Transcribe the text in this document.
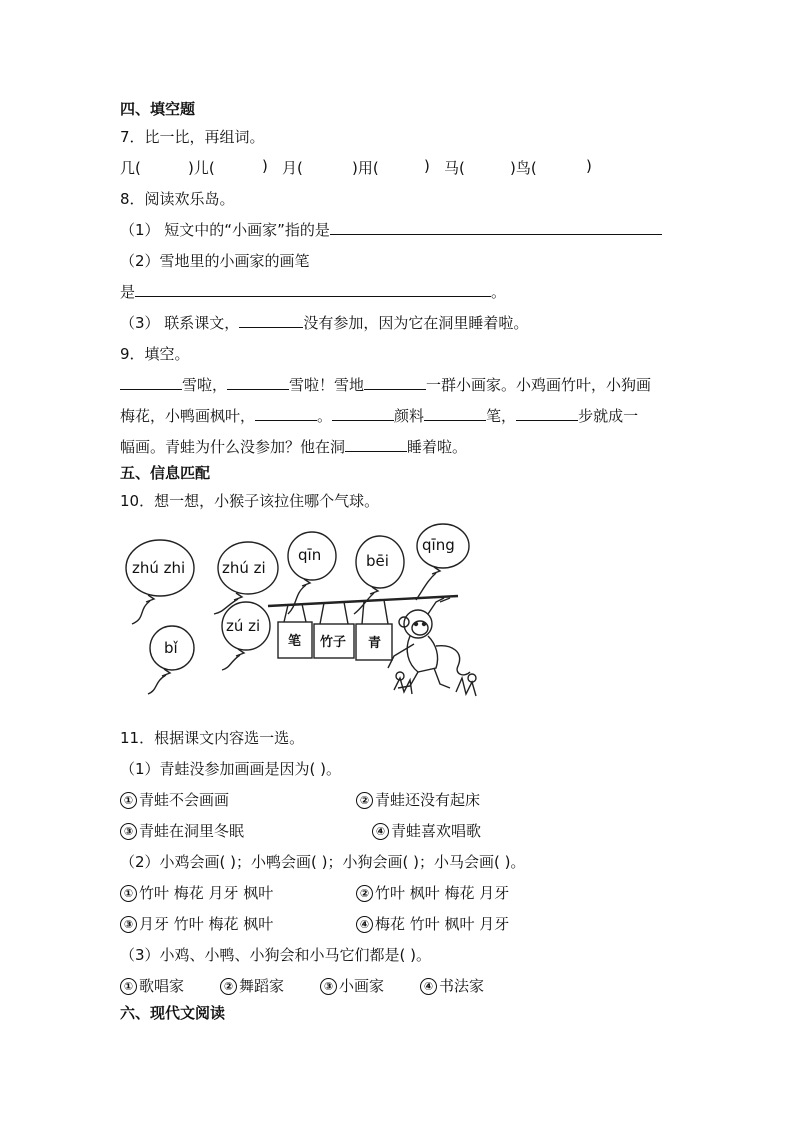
四、填空题
7．比一比，再组词。
几(	)儿(	) 月(	)用(	) 马(	)鸟(	)
8．阅读欢乐岛。
（1） 短文中的“小画家”指的是
（2）雪地里的小画家的画笔
是	。
（3） 联系课文，	没有参加，因为它在洞里睡着啦。
9．填空。
雪啦，	雪啦！雪地	一群小画家。小鸡画竹叶，小狗画
梅花，小鸭画枫叶，	。	颜料	笔，	步就成一
幅画。青蛙为什么没参加？他在洞	睡着啦。
五、信息匹配
10．想一想，小猴子该拉住哪个气球。
zhú zhi zhú zi
qīn	bēi
qīng
bǐ
zú zi
笔 竹子 青
11．根据课文内容选一选。
（1）青蛙没参加画画是因为( )。
① 青蛙不会画画	② 青蛙还没有起床
③ 青蛙在洞里冬眠	④ 青蛙喜欢唱歌
（2）小鸡会画( )；小鸭会画( )；小狗会画( )；小马会画( )。
① 竹叶 梅花 月牙 枫叶	② 竹叶 枫叶 梅花 月牙
③ 月牙 竹叶 梅花 枫叶	④ 梅花 竹叶 枫叶 月牙
（3）小鸡、小鸭、小狗会和小马它们都是( )。
① 歌唱家	② 舞蹈家	③ 小画家	④ 书法家
六、现代文阅读
